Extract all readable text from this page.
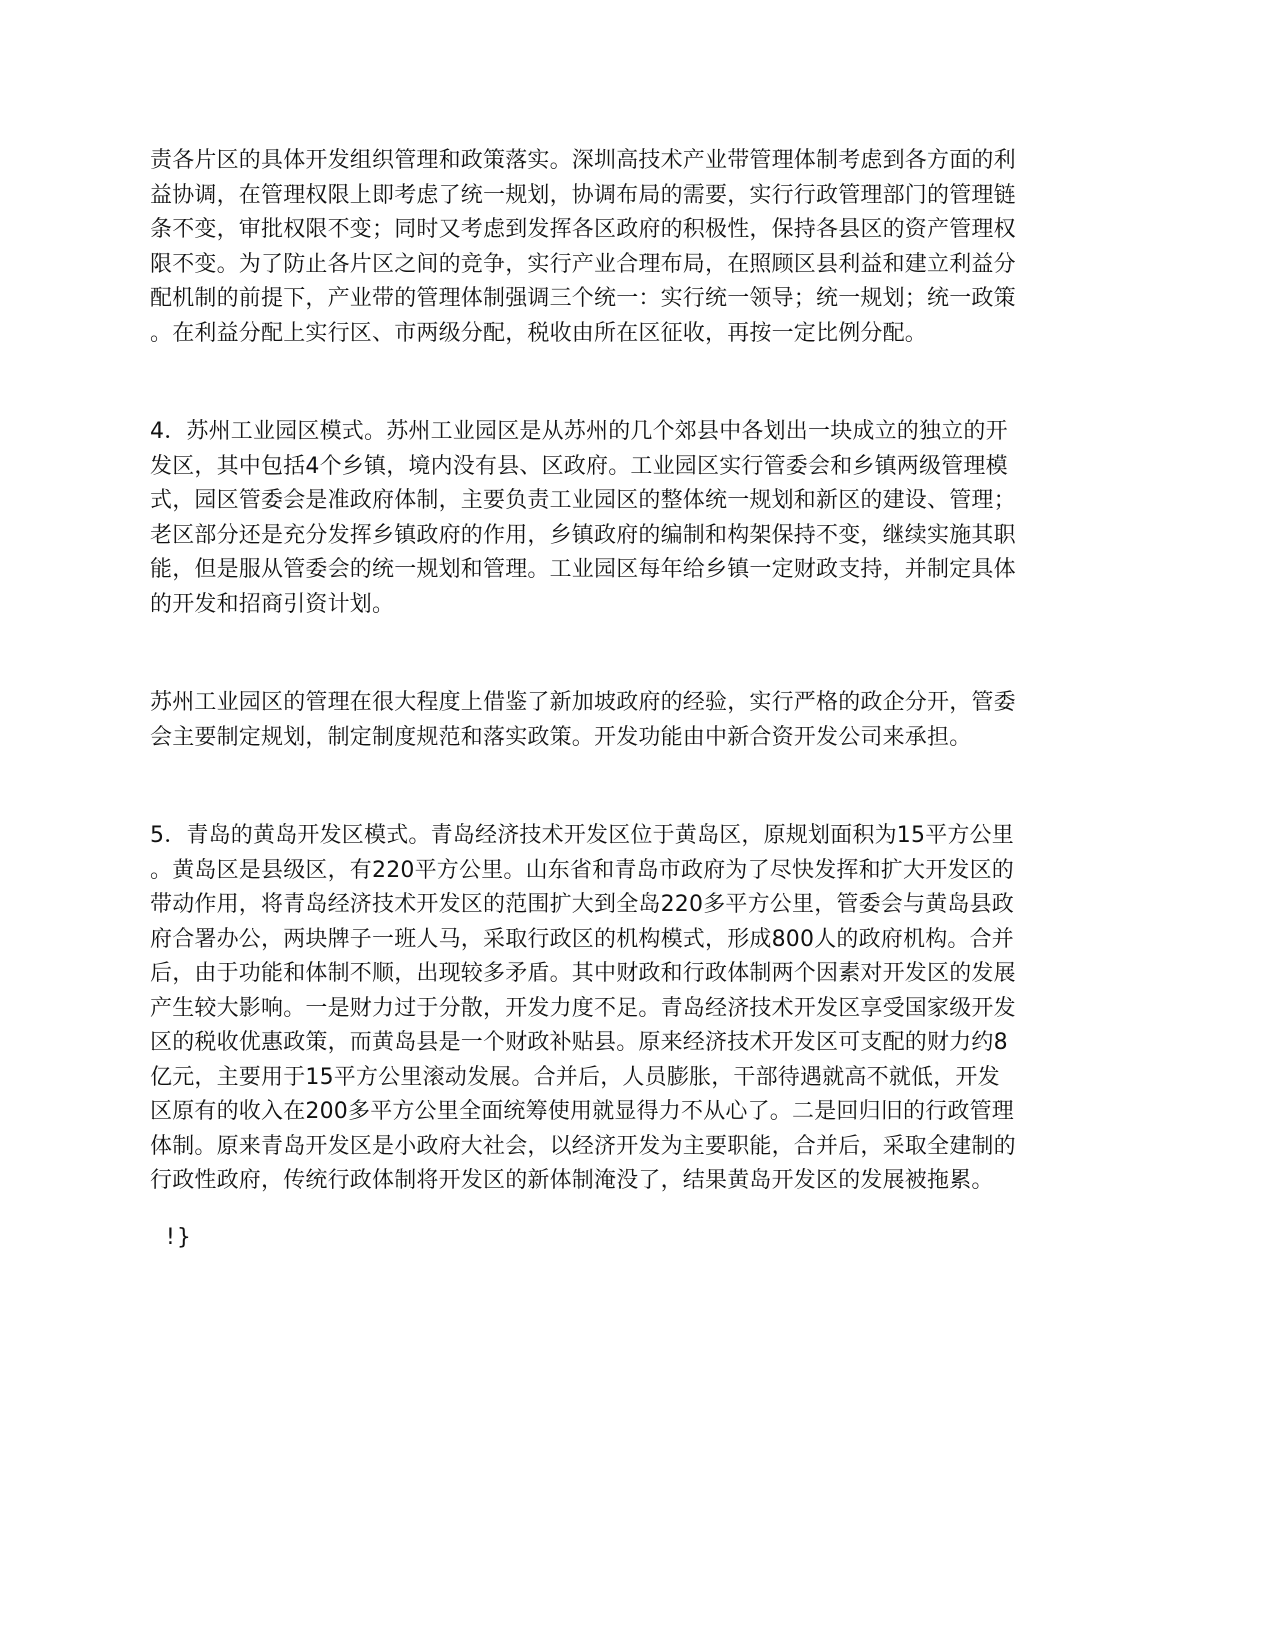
责各片区的具体开发组织管理和政策落实。深圳高技术产业带管理体制考虑到各方面的利
益协调，在管理权限上即考虑了统一规划，协调布局的需要，实行行政管理部门的管理链
条不变，审批权限不变；同时又考虑到发挥各区政府的积极性，保持各县区的资产管理权
限不变。为了防止各片区之间的竞争，实行产业合理布局，在照顾区县利益和建立利益分
配机制的前提下，产业带的管理体制强调三个统一：实行统一领导；统一规划；统一政策
。在利益分配上实行区、市两级分配，税收由所在区征收，再按一定比例分配。
4．苏州工业园区模式。苏州工业园区是从苏州的几个郊县中各划出一块成立的独立的开
发区，其中包括4个乡镇，境内没有县、区政府。工业园区实行管委会和乡镇两级管理模
式，园区管委会是准政府体制，主要负责工业园区的整体统一规划和新区的建设、管理；
老区部分还是充分发挥乡镇政府的作用，乡镇政府的编制和构架保持不变，继续实施其职
能，但是服从管委会的统一规划和管理。工业园区每年给乡镇一定财政支持，并制定具体
的开发和招商引资计划。
苏州工业园区的管理在很大程度上借鉴了新加坡政府的经验，实行严格的政企分开，管委
会主要制定规划，制定制度规范和落实政策。开发功能由中新合资开发公司来承担。
5．青岛的黄岛开发区模式。青岛经济技术开发区位于黄岛区，原规划面积为15平方公里
。黄岛区是县级区，有220平方公里。山东省和青岛市政府为了尽快发挥和扩大开发区的
带动作用，将青岛经济技术开发区的范围扩大到全岛220多平方公里，管委会与黄岛县政
府合署办公，两块牌子一班人马，采取行政区的机构模式，形成800人的政府机构。合并
后，由于功能和体制不顺，出现较多矛盾。其中财政和行政体制两个因素对开发区的发展
产生较大影响。一是财力过于分散，开发力度不足。青岛经济技术开发区享受国家级开发
区的税收优惠政策，而黄岛县是一个财政补贴县。原来经济技术开发区可支配的财力约8
亿元，主要用于15平方公里滚动发展。合并后，人员膨胀，干部待遇就高不就低，开发
区原有的收入在200多平方公里全面统筹使用就显得力不从心了。二是回归旧的行政管理
体制。原来青岛开发区是小政府大社会，以经济开发为主要职能，合并后，采取全建制的
行政性政府，传统行政体制将开发区的新体制淹没了，结果黄岛开发区的发展被拖累。
!}
